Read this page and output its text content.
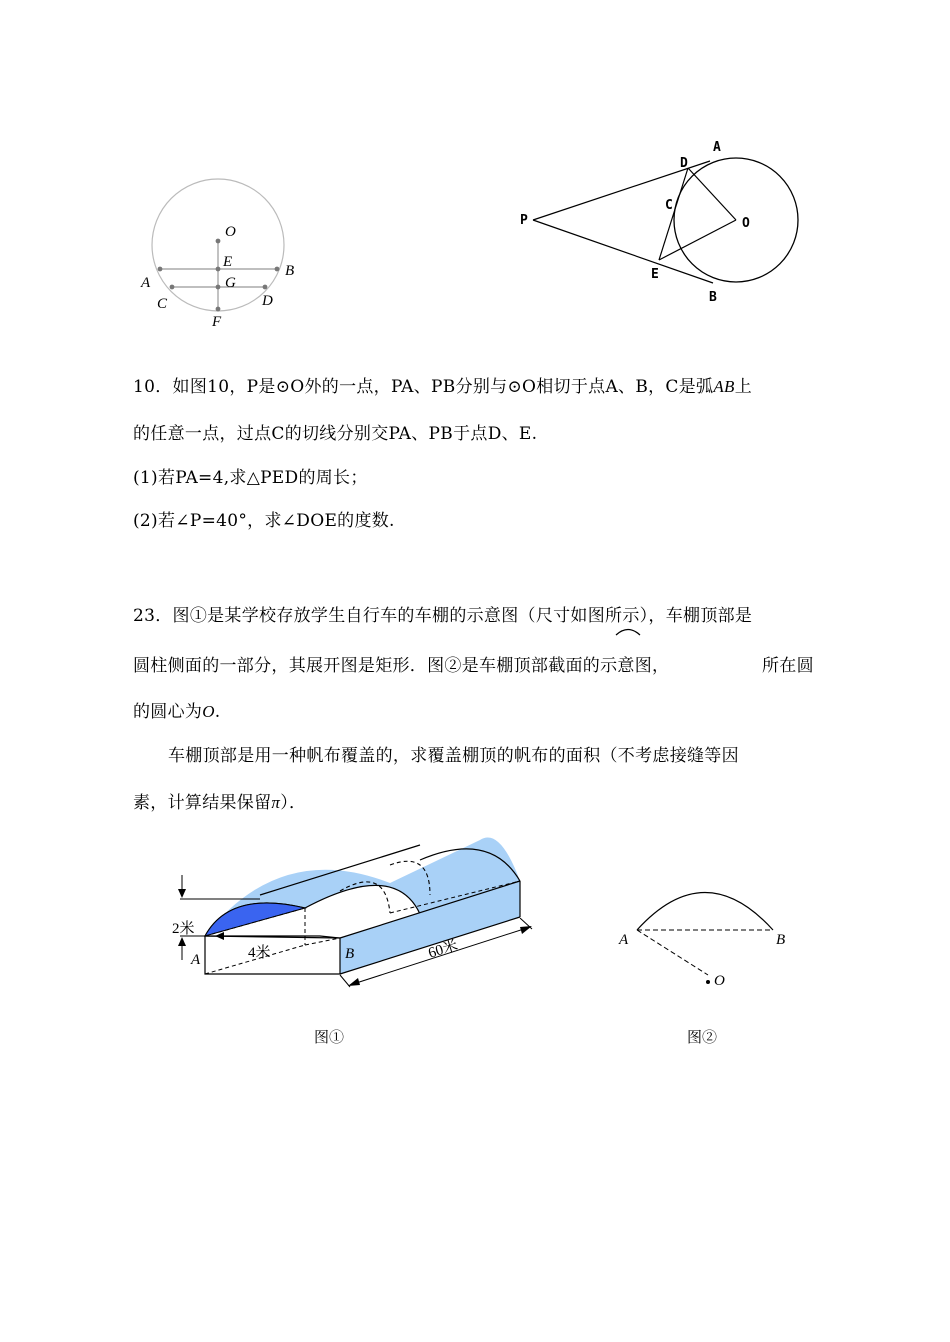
O
E
G
A
B
C	D
F
A
D
C
P	O
E
B
10．如图10，P是⊙O外的一点，PA、PB分别与⊙O相切于点A、B，C是弧AB上
的任意一点，过点C的切线分别交PA、PB于点D、E.
(1)若PA=4,求△PED的周长；
(2)若∠P=40°，求∠DOE的度数.
23．图①是某学校存放学生自行车的车棚的示意图（尺寸如图所示），车棚顶部是
圆柱侧面的一部分，其展开图是矩形．图②是车棚顶部截面的示意图，	所在圆
的圆心为O.
车棚顶部是用一种帆布覆盖的，求覆盖棚顶的帆布的面积（不考虑接缝等因
素，计算结果保留π）．
2米
4米	60米
A	B
图①
A	B
O
图②
